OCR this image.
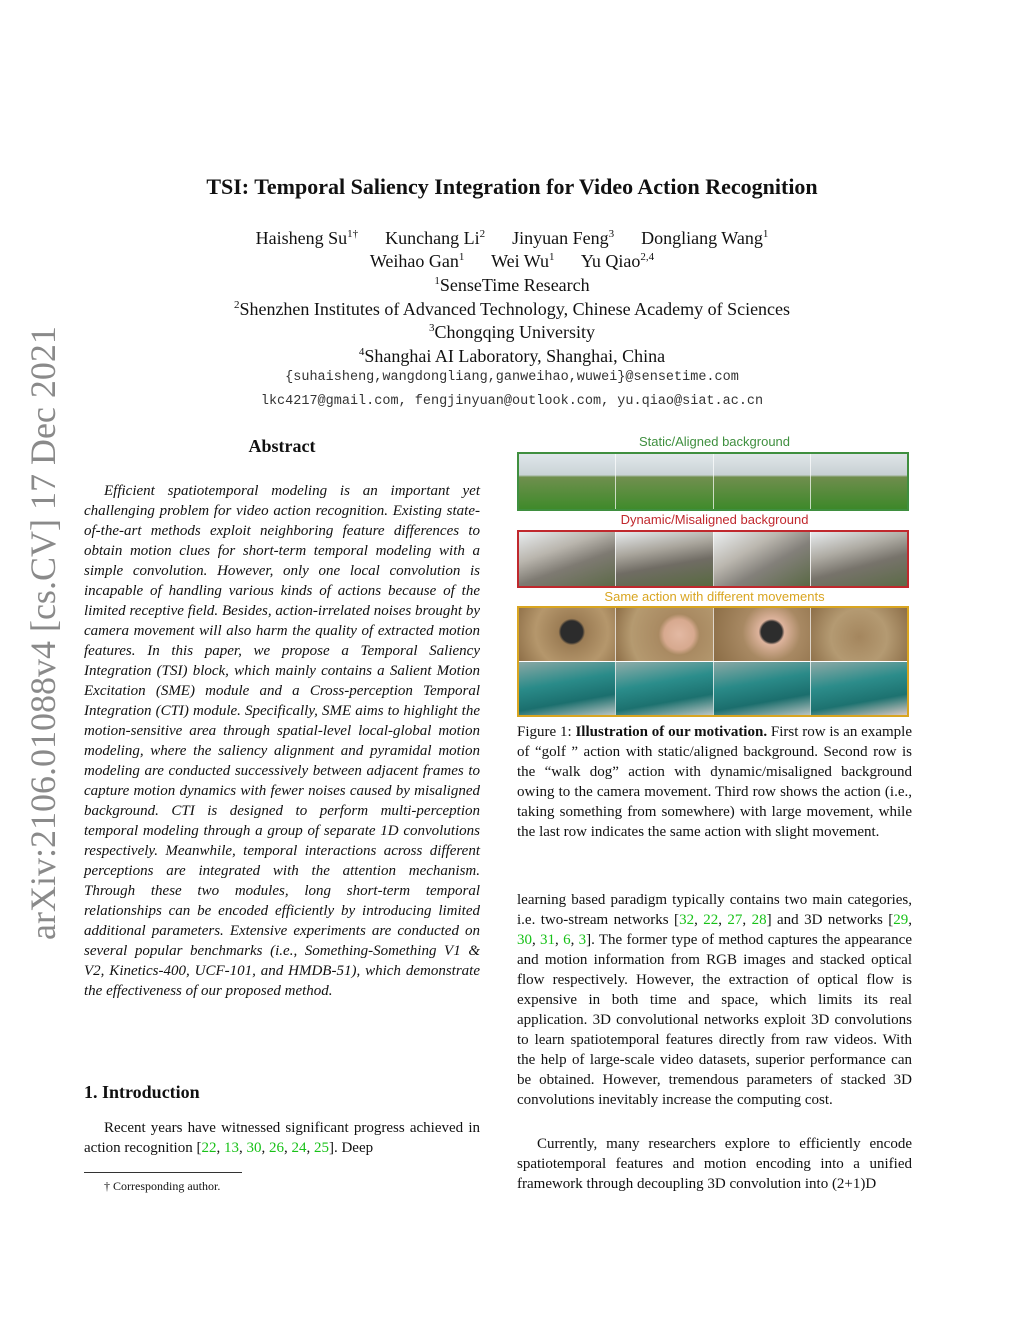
arXiv:2106.01088v4 [cs.CV] 17 Dec 2021
TSI: Temporal Saliency Integration for Video Action Recognition
Haisheng $Su^{1\dagger}$ Kunchang Li$^2$ Jinyuan Feng$^3$ Dongliang Wang$^1$
Weihao Gan$^1$ Wei Wu$^1$ Yu Qiao$^{2,4}$
$^1$SenseTime Research
$^2$Shenzhen Institutes of Advanced Technology, Chinese Academy of Sciences
$^3$Chongqing University
$^4$Shanghai AI Laboratory, Shanghai, China
{suhaisheng,wangdongliang,ganweihao,wuwei}@sensetime.com
lkc4217@gmail.com, fengjinyuan@outlook.com, yu.qiao@siat.ac.cn
Abstract
Efficient spatiotemporal modeling is an important yet challenging problem for video action recognition. Existing state-of-the-art methods exploit neighboring feature differences to obtain motion clues for short-term temporal modeling with a simple convolution. However, only one local convolution is incapable of handling various kinds of actions because of the limited receptive field. Besides, action-irrelated noises brought by camera movement will also harm the quality of extracted motion features. In this paper, we propose a Temporal Saliency Integration (TSI) block, which mainly contains a Salient Motion Excitation (SME) module and a Cross-perception Temporal Integration (CTI) module. Specifically, SME aims to highlight the motion-sensitive area through spatial-level local-global motion modeling, where the saliency alignment and pyramidal motion modeling are conducted successively between adjacent frames to capture motion dynamics with fewer noises caused by misaligned background. CTI is designed to perform multi-perception temporal modeling through a group of separate 1D convolutions respectively. Meanwhile, temporal interactions across different perceptions are integrated with the attention mechanism. Through these two modules, long short-term temporal relationships can be encoded efficiently by introducing limited additional parameters. Extensive experiments are conducted on several popular benchmarks (i.e., Something-Something V1 & V2, Kinetics-400, UCF-101, and HMDB-51), which demonstrate the effectiveness of our proposed method.
1. Introduction
Recent years have witnessed significant progress achieved in action recognition [22, 13, 30, 26, 24, 25]. Deep
† Corresponding author.
Static/Aligned background
Dynamic/Misaligned background
Same action with different movements
Figure 1: Illustration of our motivation. First row is an example of “golf ” action with static/aligned background. Second row is the “walk dog” action with dynamic/misaligned background owing to the camera movement. Third row shows the action (i.e., taking something from somewhere) with large movement, while the last row indicates the same action with slight movement.
learning based paradigm typically contains two main categories, i.e. two-stream networks [32, 22, 27, 28] and 3D networks [29, 30, 31, 6, 3]. The former type of method captures the appearance and motion information from RGB images and stacked optical flow respectively. However, the extraction of optical flow is expensive in both time and space, which limits its real application. 3D convolutional networks exploit 3D convolutions to learn spatiotemporal features directly from raw videos. With the help of large-scale video datasets, superior performance can be obtained. However, tremendous parameters of stacked 3D convolutions inevitably increase the computing cost.
Currently, many researchers explore to efficiently encode spatiotemporal features and motion encoding into a unified framework through decoupling 3D convolution into (2+1)D
